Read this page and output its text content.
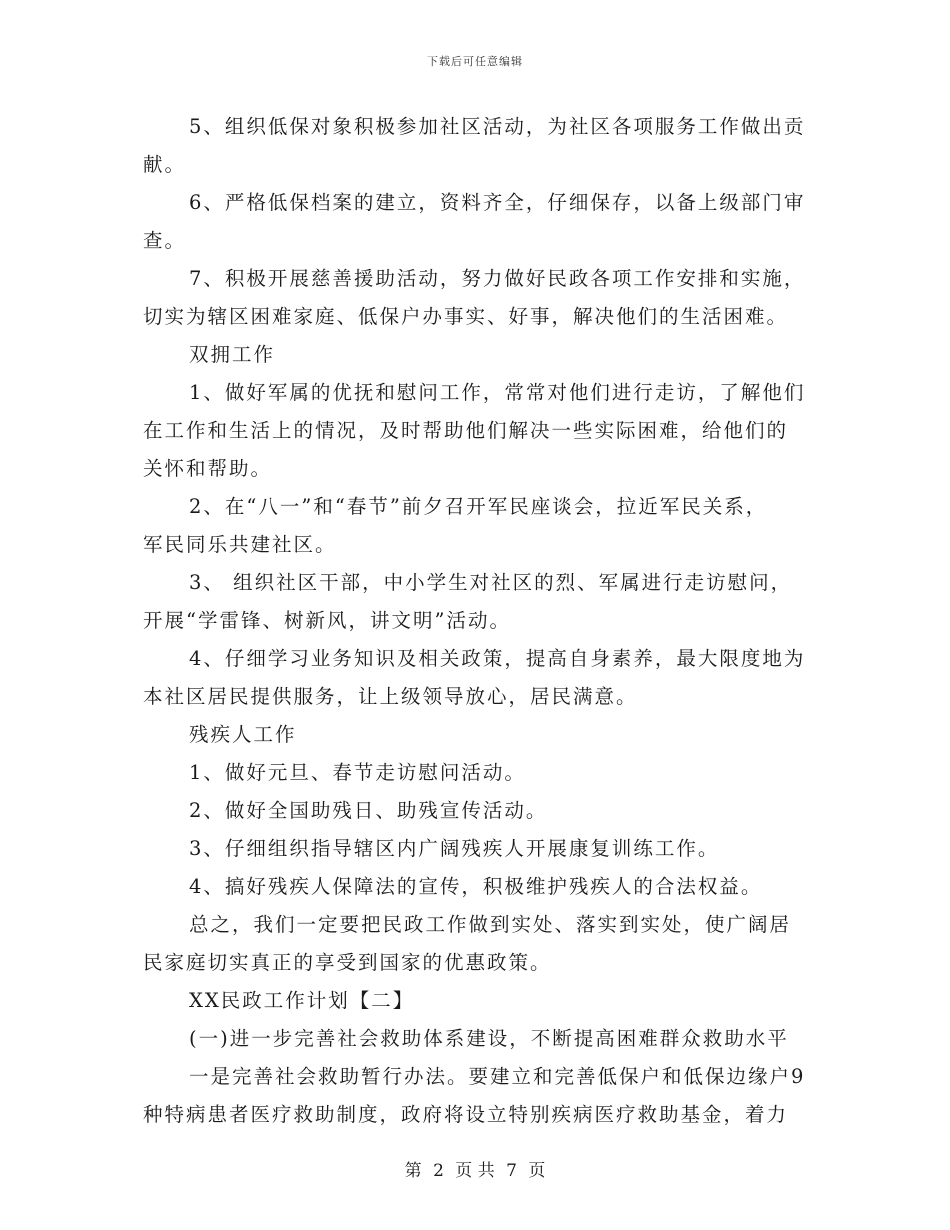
下载后可任意编辑
5、组织低保对象积极参加社区活动，为社区各项服务工作做出贡
献。
6、严格低保档案的建立，资料齐全，仔细保存，以备上级部门审
查。
7、积极开展慈善援助活动，努力做好民政各项工作安排和实施，
切实为辖区困难家庭、低保户办事实、好事，解决他们的生活困难。
双拥工作
1、做好军属的优抚和慰问工作，常常对他们进行走访，了解他们
在工作和生活上的情况，及时帮助他们解决一些实际困难，给他们的
关怀和帮助。
2、在“八一”和“春节”前夕召开军民座谈会，拉近军民关系，
军民同乐共建社区。
3、 组织社区干部，中小学生对社区的烈、军属进行走访慰问，
开展“学雷锋、树新风，讲文明”活动。
4、仔细学习业务知识及相关政策，提高自身素养，最大限度地为
本社区居民提供服务，让上级领导放心，居民满意。
残疾人工作
1、做好元旦、春节走访慰问活动。
2、做好全国助残日、助残宣传活动。
3、仔细组织指导辖区内广阔残疾人开展康复训练工作。
4、搞好残疾人保障法的宣传，积极维护残疾人的合法权益。
总之，我们一定要把民政工作做到实处、落实到实处，使广阔居
民家庭切实真正的享受到国家的优惠政策。
XX民政工作计划【二】
(一)进一步完善社会救助体系建设，不断提高困难群众救助水平
一是完善社会救助暂行办法。要建立和完善低保户和低保边缘户9
种特病患者医疗救助制度，政府将设立特别疾病医疗救助基金，着力
第 2 页 共 7 页
